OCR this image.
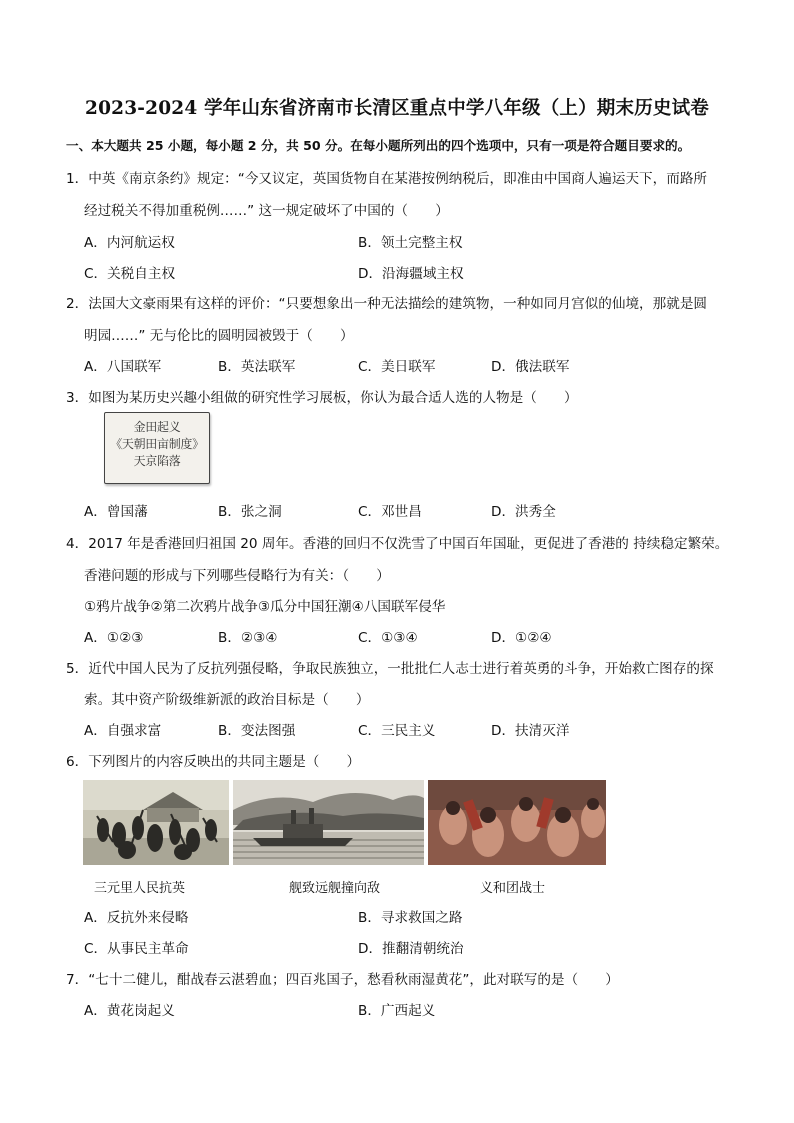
2023-2024 学年山东省济南市长清区重点中学八年级（上）期末历史试卷
一、本大题共 25 小题，每小题 2 分，共 50 分。在每小题所列出的四个选项中，只有一项是符合题目要求的。
1．中英《南京条约》规定：“今又议定，英国货物自在某港按例纳税后，即准由中国商人遍运天下，而路所
经过税关不得加重税例……” 这一规定破坏了中国的（　　）
A．内河航运权	B．领土完整主权
C．关税自主权	D．沿海疆域主权
2．法国大文豪雨果有这样的评价：“只要想象出一种无法描绘的建筑物，一种如同月宫似的仙境，那就是圆
明园……” 无与伦比的圆明园被毁于（　　）
A．八国联军	B．英法联军	C．美日联军	D．俄法联军
3．如图为某历史兴趣小组做的研究性学习展板，你认为最合适人选的人物是（　　）
金田起义
《天朝田亩制度》
天京陷落
A．曾国藩	B．张之洞	C．邓世昌	D．洪秀全
4．2017 年是香港回归祖国 20 周年。香港的回归不仅洗雪了中国百年国耻，更促进了香港的 持续稳定繁荣。
香港问题的形成与下列哪些侵略行为有关：（　　）
①鸦片战争②第二次鸦片战争③瓜分中国狂潮④八国联军侵华
A．①②③	B．②③④	C．①③④	D．①②④
5．近代中国人民为了反抗列强侵略，争取民族独立，一批批仁人志士进行着英勇的斗争，开始救亡图存的探
索。其中资产阶级维新派的政治目标是（　　）
A．自强求富	B．变法图强	C．三民主义	D．扶清灭洋
6．下列图片的内容反映出的共同主题是（　　）
三元里人民抗英	舰致远舰撞向敌	义和团战士
A．反抗外来侵略	B．寻求救国之路
C．从事民主革命	D．推翻清朝统治
7．“七十二健儿，酣战春云湛碧血；四百兆国子，愁看秋雨湿黄花”，此对联写的是（　　）
A．黄花岗起义	B．广西起义
